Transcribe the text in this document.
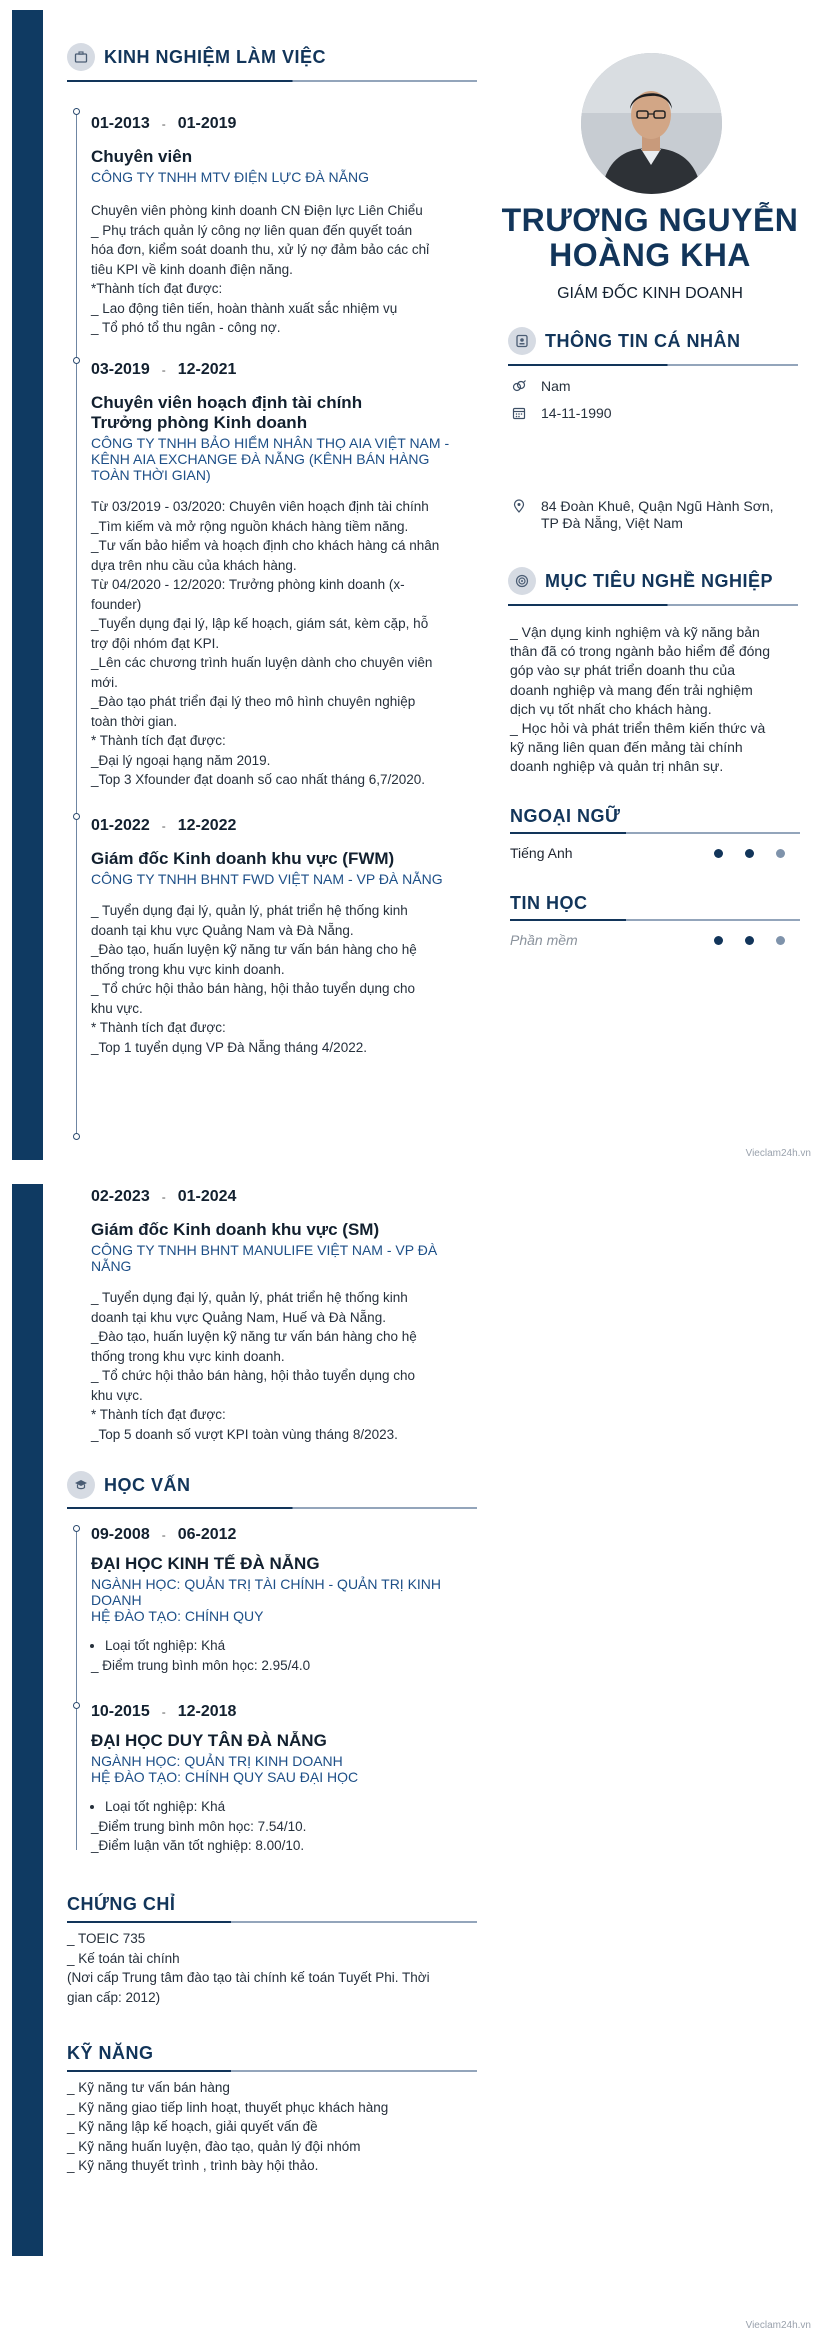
KINH NGHIỆM LÀM VIỆC
01-2013 - 01-2019
Chuyên viên
CÔNG TY TNHH MTV ĐIỆN LỰC ĐÀ NẴNG
Chuyên viên phòng kinh doanh CN Điện lực Liên Chiểu
_ Phụ trách quản lý công nợ liên quan đến quyết toán
hóa đơn, kiểm soát doanh thu, xử lý nợ đảm bảo các chỉ
tiêu KPI về kinh doanh điện năng.
*Thành tích đạt được:
_ Lao động tiên tiến, hoàn thành xuất sắc nhiệm vụ
_ Tổ phó tổ thu ngân - công nợ.
03-2019 - 12-2021
Chuyên viên hoạch định tài chính
Trưởng phòng Kinh doanh
CÔNG TY TNHH BẢO HIỂM NHÂN THỌ AIA VIỆT NAM -
KÊNH AIA EXCHANGE ĐÀ NẴNG (KÊNH BÁN HÀNG
TOÀN THỜI GIAN)
Từ 03/2019 - 03/2020: Chuyên viên hoạch định tài chính
_Tìm kiếm và mở rộng nguồn khách hàng tiềm năng.
_Tư vấn bảo hiểm và hoạch định cho khách hàng cá nhân
dựa trên nhu cầu của khách hàng.
Từ 04/2020 - 12/2020: Trưởng phòng kinh doanh (x-
founder)
_Tuyển dụng đại lý, lập kế hoạch, giám sát, kèm cặp, hỗ
trợ đội nhóm đạt KPI.
_Lên các chương trình huấn luyện dành cho chuyên viên
mới.
_Đào tạo phát triển đại lý theo mô hình chuyên nghiệp
toàn thời gian.
* Thành tích đạt được:
_Đại lý ngoại hạng năm 2019.
_Top 3 Xfounder đạt doanh số cao nhất tháng 6,7/2020.
01-2022 - 12-2022
Giám đốc Kinh doanh khu vực (FWM)
CÔNG TY TNHH BHNT FWD VIỆT NAM - VP ĐÀ NẴNG
_ Tuyển dụng đại lý, quản lý, phát triển hệ thống kinh
doanh tại khu vực Quảng Nam và Đà Nẵng.
_Đào tạo, huấn luyện kỹ năng tư vấn bán hàng cho hệ
thống trong khu vực kinh doanh.
_ Tổ chức hội thảo bán hàng, hội thảo tuyển dụng cho
khu vực.
* Thành tích đạt được:
_Top 1 tuyển dụng VP Đà Nẵng tháng 4/2022.
TRƯƠNG NGUYỄN
HOÀNG KHA
GIÁM ĐỐC KINH DOANH
THÔNG TIN CÁ NHÂN
Nam
14-11-1990
84 Đoàn Khuê, Quận Ngũ Hành Sơn,
TP Đà Nẵng, Việt Nam
MỤC TIÊU NGHỀ NGHIỆP
_ Vận dụng kinh nghiệm và kỹ năng bản
thân đã có trong ngành bảo hiểm để đóng
góp vào sự phát triển doanh thu của
doanh nghiệp và mang đến trải nghiệm
dịch vụ tốt nhất cho khách hàng.
_ Học hỏi và phát triển thêm kiến thức và
kỹ năng liên quan đến mảng tài chính
doanh nghiệp và quản trị nhân sự.
NGOẠI NGỮ
Tiếng Anh
TIN HỌC
Phần mềm
Vieclam24h.vn
02-2023 - 01-2024
Giám đốc Kinh doanh khu vực (SM)
CÔNG TY TNHH BHNT MANULIFE VIỆT NAM - VP ĐÀ
NẴNG
_ Tuyển dụng đại lý, quản lý, phát triển hệ thống kinh
doanh tại khu vực Quảng Nam, Huế và Đà Nẵng.
_Đào tạo, huấn luyện kỹ năng tư vấn bán hàng cho hệ
thống trong khu vực kinh doanh.
_ Tổ chức hội thảo bán hàng, hội thảo tuyển dụng cho
khu vực.
* Thành tích đạt được:
_Top 5 doanh số vượt KPI toàn vùng tháng 8/2023.
HỌC VẤN
09-2008 - 06-2012
ĐẠI HỌC KINH TẾ ĐÀ NẴNG
NGÀNH HỌC: QUẢN TRỊ TÀI CHÍNH - QUẢN TRỊ KINH
DOANH
HỆ ĐÀO TẠO: CHÍNH QUY
• Loại tốt nghiệp: Khá
_ Điểm trung bình môn học: 2.95/4.0
10-2015 - 12-2018
ĐẠI HỌC DUY TÂN ĐÀ NẴNG
NGÀNH HỌC: QUẢN TRỊ KINH DOANH
HỆ ĐÀO TẠO: CHÍNH QUY SAU ĐẠI HỌC
• Loại tốt nghiệp: Khá
_Điểm trung bình môn học: 7.54/10.
_Điểm luận văn tốt nghiệp: 8.00/10.
CHỨNG CHỈ
_ TOEIC 735
_ Kế toán tài chính
(Nơi cấp Trung tâm đào tạo tài chính kế toán Tuyết Phi. Thời
gian cấp: 2012)
KỸ NĂNG
_ Kỹ năng tư vấn bán hàng
_ Kỹ năng giao tiếp linh hoạt, thuyết phục khách hàng
_ Kỹ năng lập kế hoạch, giải quyết vấn đề
_ Kỹ năng huấn luyện, đào tạo, quản lý đội nhóm
_ Kỹ năng thuyết trình , trình bày hội thảo.
Vieclam24h.vn
